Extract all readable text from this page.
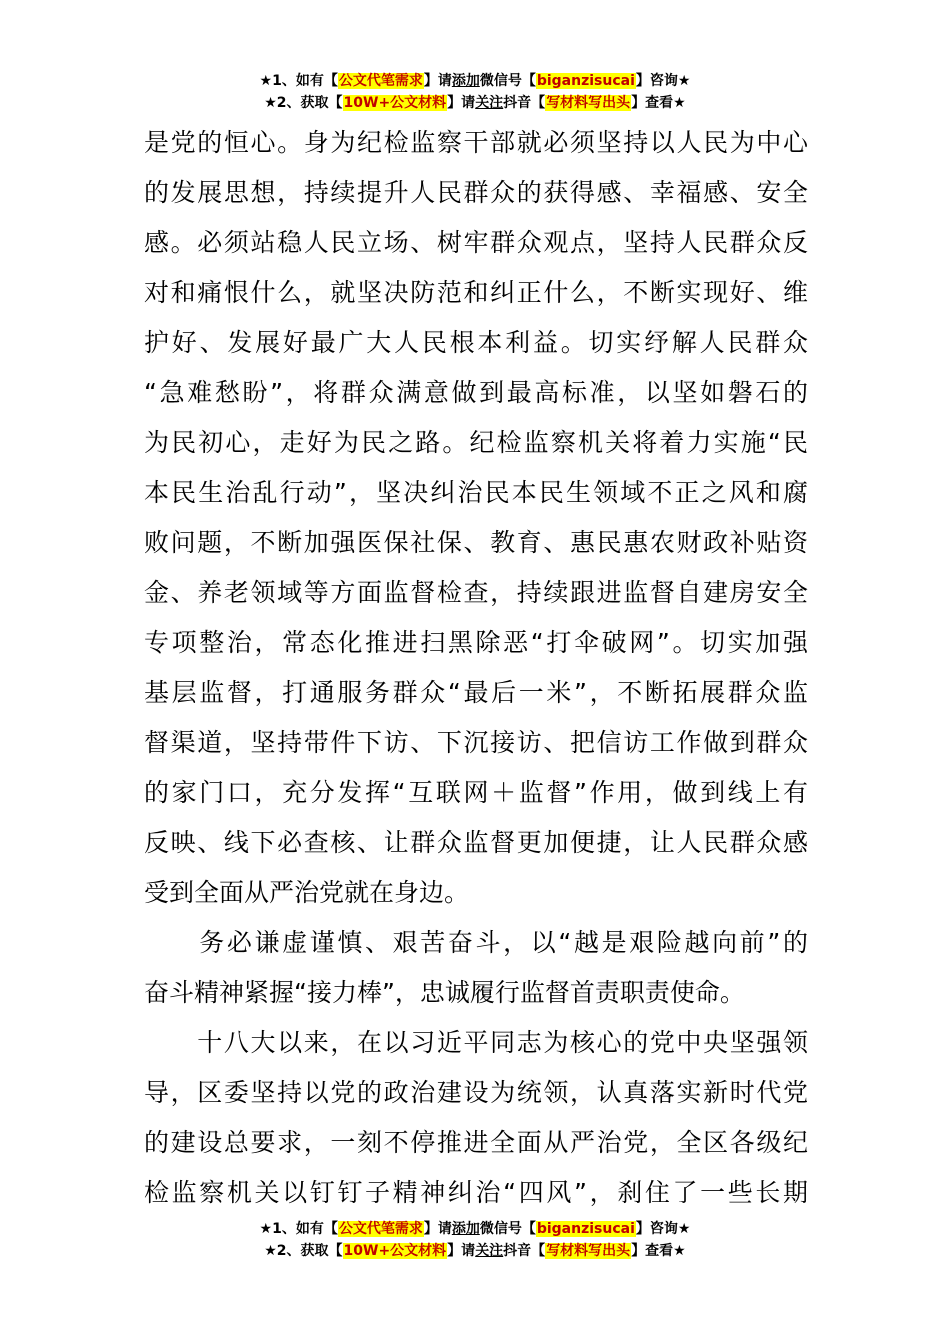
★1、如有【公文代笔需求】请添加微信号【biganzisucai】咨询★
★2、获取【10W+公文材料】请关注抖音【写材料写出头】查看★
是党的恒心。身为纪检监察干部就必须坚持以人民为中心
的发展思想，持续提升人民群众的获得感、幸福感、安全
感。必须站稳人民立场、树牢群众观点，坚持人民群众反
对和痛恨什么，就坚决防范和纠正什么，不断实现好、维
护好、发展好最广大人民根本利益。切实纾解人民群众
“急难愁盼”，将群众满意做到最高标准，以坚如磐石的
为民初心，走好为民之路。纪检监察机关将着力实施“民
本民生治乱行动”，坚决纠治民本民生领域不正之风和腐
败问题，不断加强医保社保、教育、惠民惠农财政补贴资
金、养老领域等方面监督检查，持续跟进监督自建房安全
专项整治，常态化推进扫黑除恶“打伞破网”。切实加强
基层监督，打通服务群众“最后一米”，不断拓展群众监
督渠道，坚持带件下访、下沉接访、把信访工作做到群众
的家门口，充分发挥“互联网＋监督”作用，做到线上有
反映、线下必查核、让群众监督更加便捷，让人民群众感
受到全面从严治党就在身边。
　　务必谦虚谨慎、艰苦奋斗，以“越是艰险越向前”的
奋斗精神紧握“接力棒”，忠诚履行监督首责职责使命。
　　十八大以来，在以习近平同志为核心的党中央坚强领
导，区委坚持以党的政治建设为统领，认真落实新时代党
的建设总要求，一刻不停推进全面从严治党，全区各级纪
检监察机关以钉钉子精神纠治“四风”，刹住了一些长期
★1、如有【公文代笔需求】请添加微信号【biganzisucai】咨询★
★2、获取【10W+公文材料】请关注抖音【写材料写出头】查看★
